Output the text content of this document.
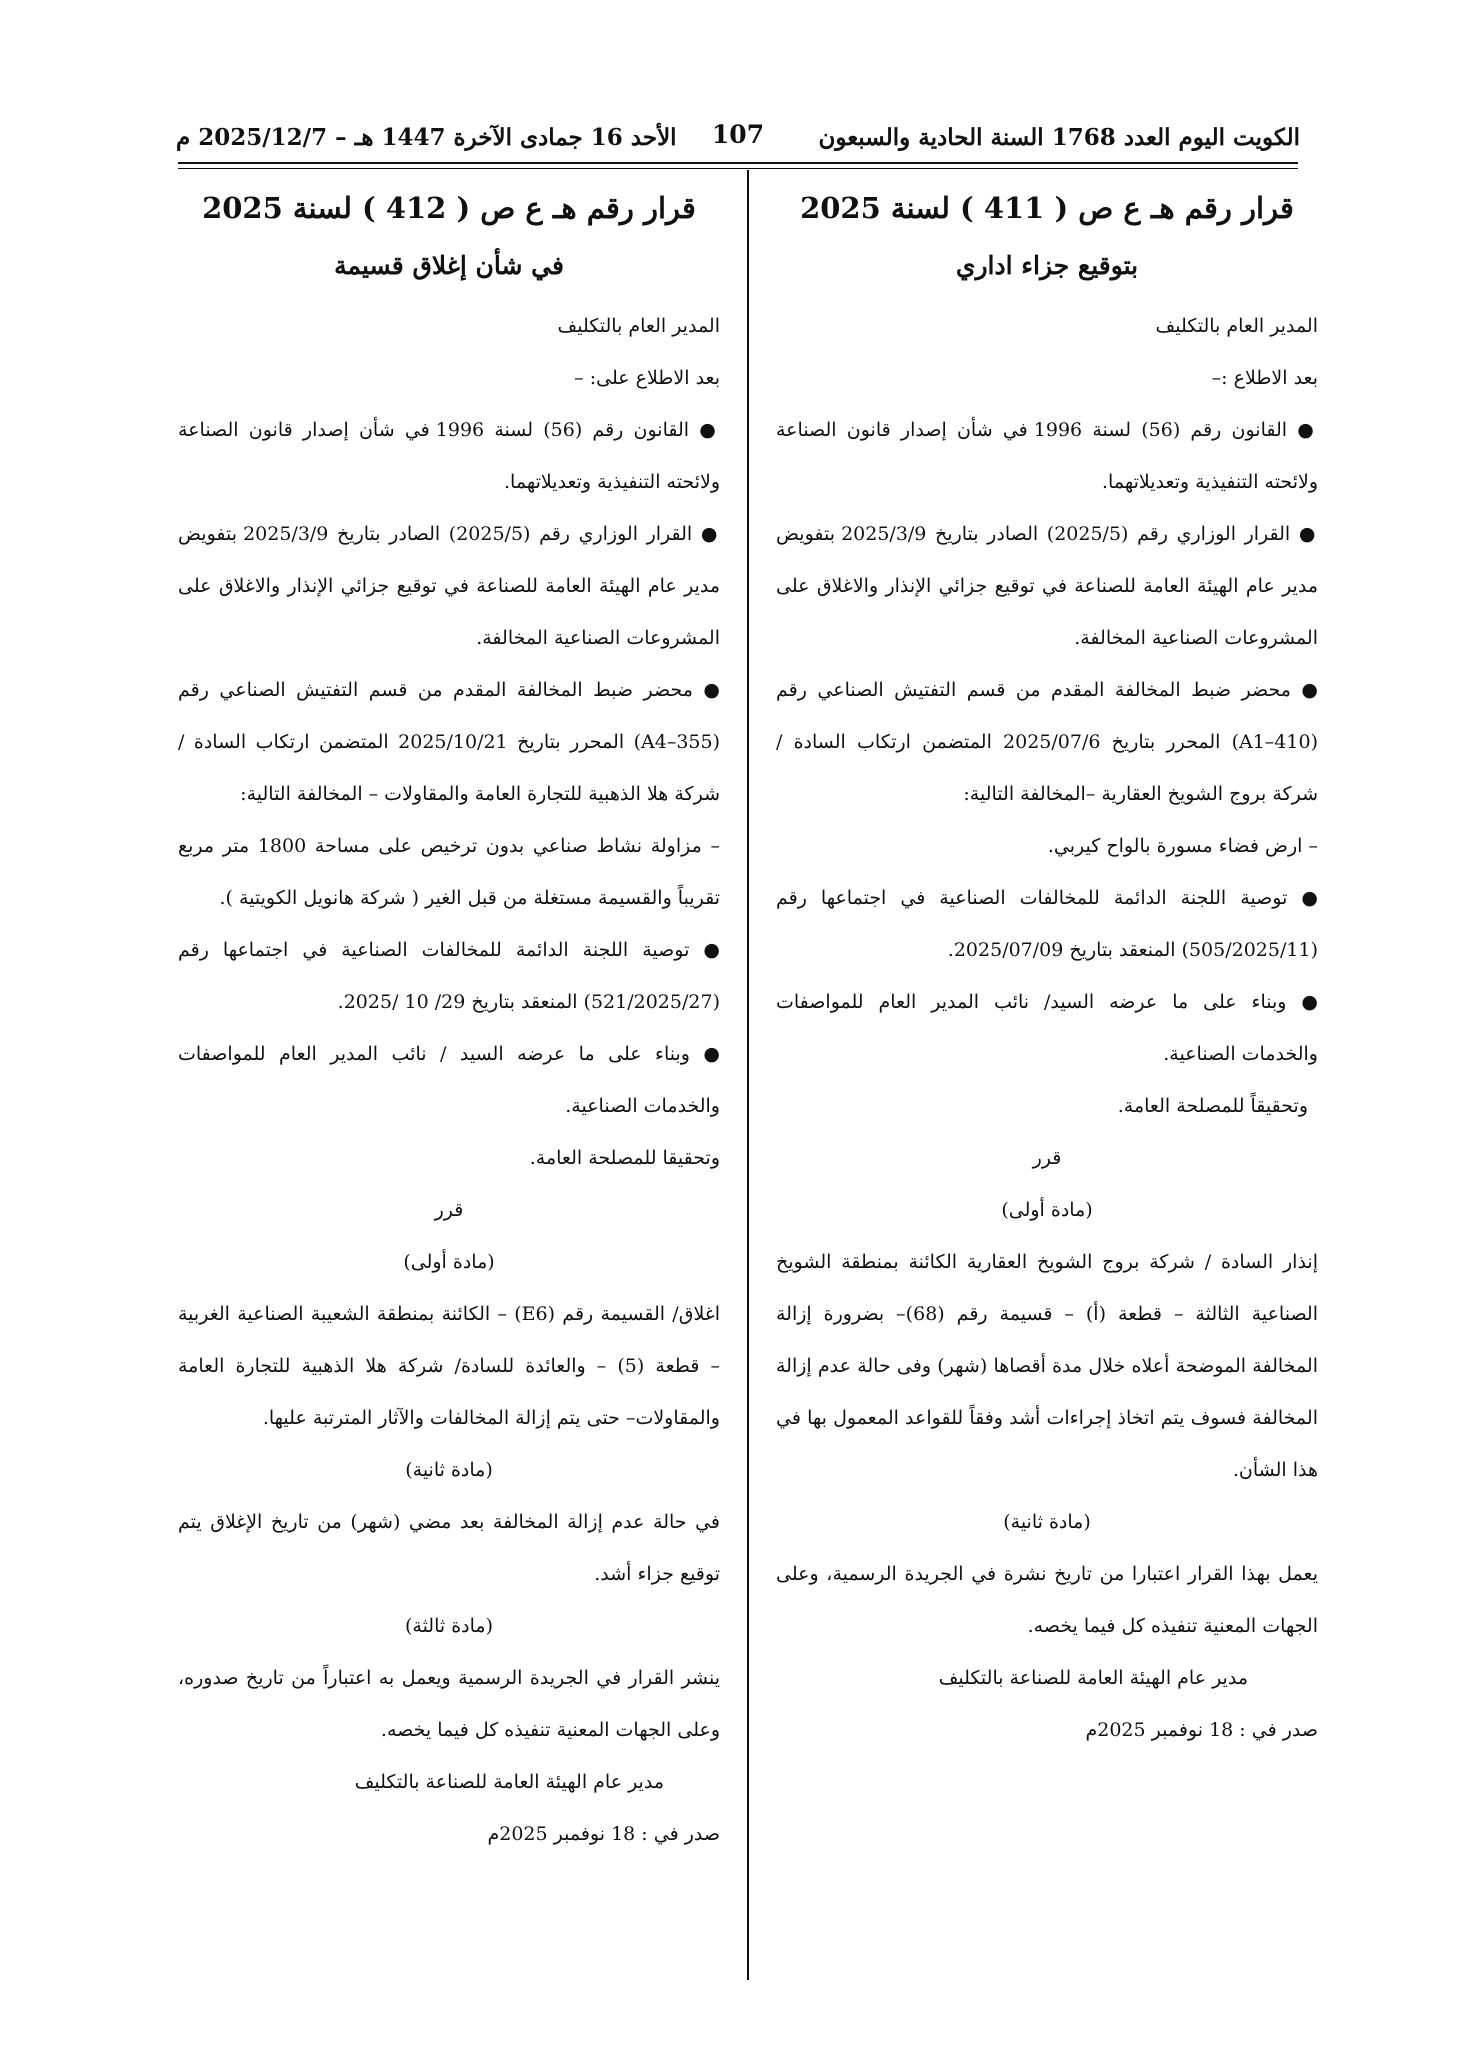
الكويت اليوم العدد 1768 السنة الحادية والسبعون
107
الأحد 16 جمادى الآخرة 1447 هـ – 2025/12/7 م
قرار رقم هـ ع ص ( 411 ) لسنة 2025
بتوقيع جزاء اداري

المدير العام بالتكليف

بعد الاطلاع :–

● القانون رقم (56) لسنة 1996 في شأن إصدار قانون الصناعة ولائحته التنفيذية وتعديلاتهما.

● القرار الوزاري رقم (2025/5) الصادر بتاريخ 2025/3/9 بتفويض مدير عام الهيئة العامة للصناعة في توقيع جزائي الإنذار والاغلاق على المشروعات الصناعية المخالفة.

● محضر ضبط المخالفة المقدم من قسم التفتيش الصناعي رقم (A1–410) المحرر بتاريخ 2025/07/6 المتضمن ارتكاب السادة / شركة بروج الشويخ العقارية –المخالفة التالية:

– ارض فضاء مسورة بالواح كيربي.

● توصية اللجنة الدائمة للمخالفات الصناعية في اجتماعها رقم (505/2025/11) المنعقد بتاريخ 2025/07/09.

● وبناء على ما عرضه السيد/ نائب المدير العام للمواصفات والخدمات الصناعية.

وتحقيقاً للمصلحة العامة.

قرر

(مادة أولى)

إنذار السادة / شركة بروج الشويخ العقارية الكائنة بمنطقة الشويخ الصناعية الثالثة – قطعة (أ) – قسيمة رقم (68)– بضرورة إزالة المخالفة الموضحة أعلاه خلال مدة أقصاها (شهر) وفى حالة عدم إزالة المخالفة فسوف يتم اتخاذ إجراءات أشد وفقاً للقواعد المعمول بها في هذا الشأن.

(مادة ثانية)

يعمل بهذا القرار اعتبارا من تاريخ نشرة في الجريدة الرسمية، وعلى الجهات المعنية تنفيذه كل فيما يخصه.

مدير عام الهيئة العامة للصناعة بالتكليف

صدر في : 18 نوفمبر 2025م

قرار رقم هـ ع ص ( 412 ) لسنة 2025
في شأن إغلاق قسيمة

المدير العام بالتكليف

بعد الاطلاع على: –

● القانون رقم (56) لسنة 1996 في شأن إصدار قانون الصناعة ولائحته التنفيذية وتعديلاتهما.

● القرار الوزاري رقم (2025/5) الصادر بتاريخ 2025/3/9 بتفويض مدير عام الهيئة العامة للصناعة في توقيع جزائي الإنذار والاغلاق على المشروعات الصناعية المخالفة.

● محضر ضبط المخالفة المقدم من قسم التفتيش الصناعي رقم (A4–355) المحرر بتاريخ 2025/10/21 المتضمن ارتكاب السادة / شركة هلا الذهبية للتجارة العامة والمقاولات – المخالفة التالية:

– مزاولة نشاط صناعي بدون ترخيص على مساحة 1800 متر مربع تقريباً والقسيمة مستغلة من قبل الغير ( شركة هانويل الكويتية ).

● توصية اللجنة الدائمة للمخالفات الصناعية في اجتماعها رقم (521/2025/27) المنعقد بتاريخ 29/ 10 /2025.

● وبناء على ما عرضه السيد / نائب المدير العام للمواصفات والخدمات الصناعية.

وتحقيقا للمصلحة العامة.

قرر

(مادة أولى)

اغلاق/ القسيمة رقم (E6) – الكائنة بمنطقة الشعيبة الصناعية الغربية – قطعة (5) – والعائدة للسادة/ شركة هلا الذهبية للتجارة العامة والمقاولات– حتى يتم إزالة المخالفات والآثار المترتبة عليها.

(مادة ثانية)

في حالة عدم إزالة المخالفة بعد مضي (شهر) من تاريخ الإغلاق يتم توقيع جزاء أشد.

(مادة ثالثة)

ينشر القرار في الجريدة الرسمية ويعمل به اعتباراً من تاريخ صدوره، وعلى الجهات المعنية تنفيذه كل فيما يخصه.

مدير عام الهيئة العامة للصناعة بالتكليف

صدر في : 18 نوفمبر 2025م
